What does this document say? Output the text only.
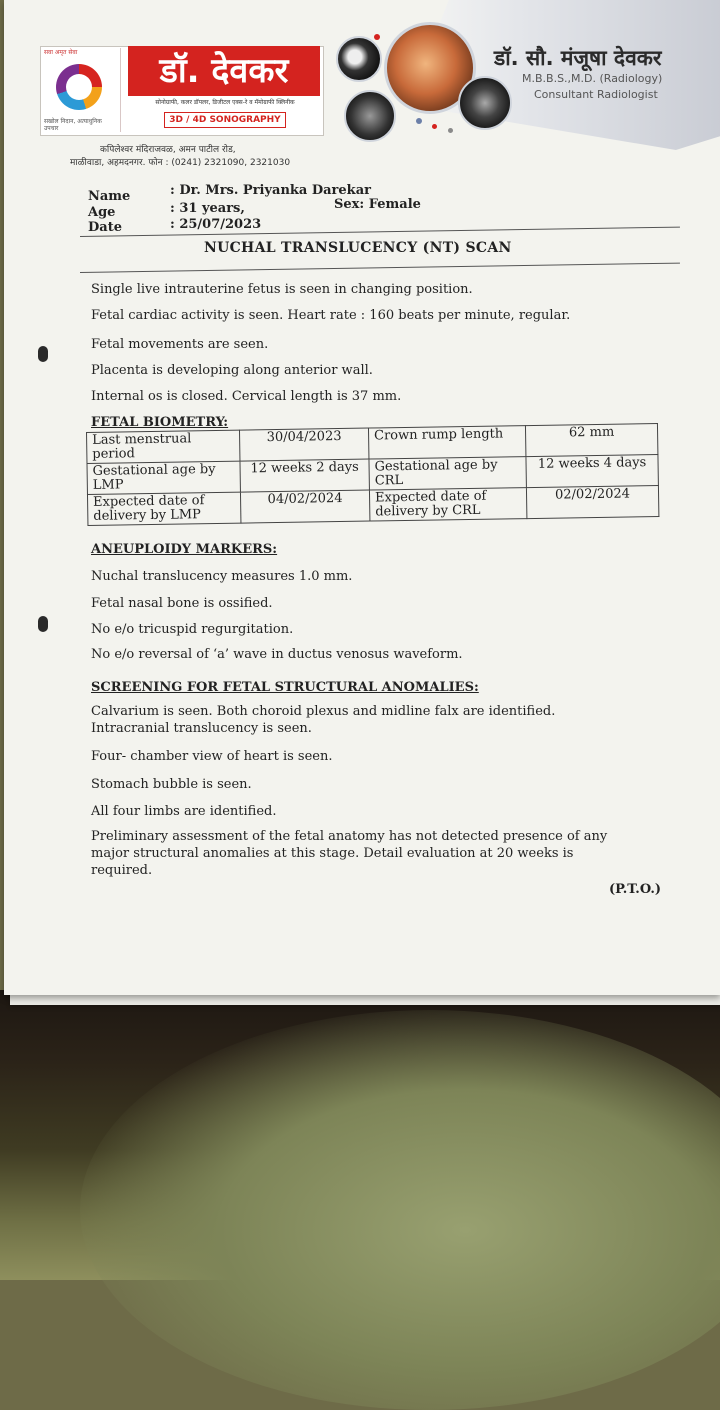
सवा अमृत सेवा
सखोल निदान, अत्याधुनिक उपचार
डॉ. देवकर
सोनोग्राफी, कलर डॉपलर, डिजीटल एक्स-रे व मॅमोग्राफी क्लिनीक
3D / 4D SONOGRAPHY
कपिलेश्वर मंदिराजवळ, अमन पाटील रोड,
माळीवाडा, अहमदनगर. फोन : (0241) 2321090, 2321030
डॉ. सौ. मंजूषा देवकर
M.B.B.S.,M.D. (Radiology)
Consultant Radiologist
Name	: Dr. Mrs. Priyanka Darekar
Age	: 31 years,	Sex: Female
Date	: 25/07/2023
NUCHAL TRANSLUCENCY (NT) SCAN
Single live intrauterine fetus is seen in changing position.
Fetal cardiac activity is seen. Heart rate : 160 beats per minute, regular.
Fetal movements are seen.
Placenta is developing along anterior wall.
Internal os is closed. Cervical length is 37 mm.
FETAL BIOMETRY:
Last menstrual period	30/04/2023	Crown rump length	62 mm
Gestational age by LMP	12 weeks 2 days	Gestational age by CRL	12 weeks 4 days
Expected date of delivery by LMP	04/02/2024	Expected date of delivery by CRL	02/02/2024
ANEUPLOIDY MARKERS:
Nuchal translucency measures 1.0 mm.
Fetal nasal bone is ossified.
No e/o tricuspid regurgitation.
No e/o reversal of ‘a’ wave in ductus venosus waveform.
SCREENING FOR FETAL STRUCTURAL ANOMALIES:
Calvarium is seen. Both choroid plexus and midline falx are identified. Intracranial translucency is seen.
Four- chamber view of heart is seen.
Stomach bubble is seen.
All four limbs are identified.
Preliminary assessment of the fetal anatomy has not detected presence of any major structural anomalies at this stage. Detail evaluation at 20 weeks is required.
(P.T.O.)
